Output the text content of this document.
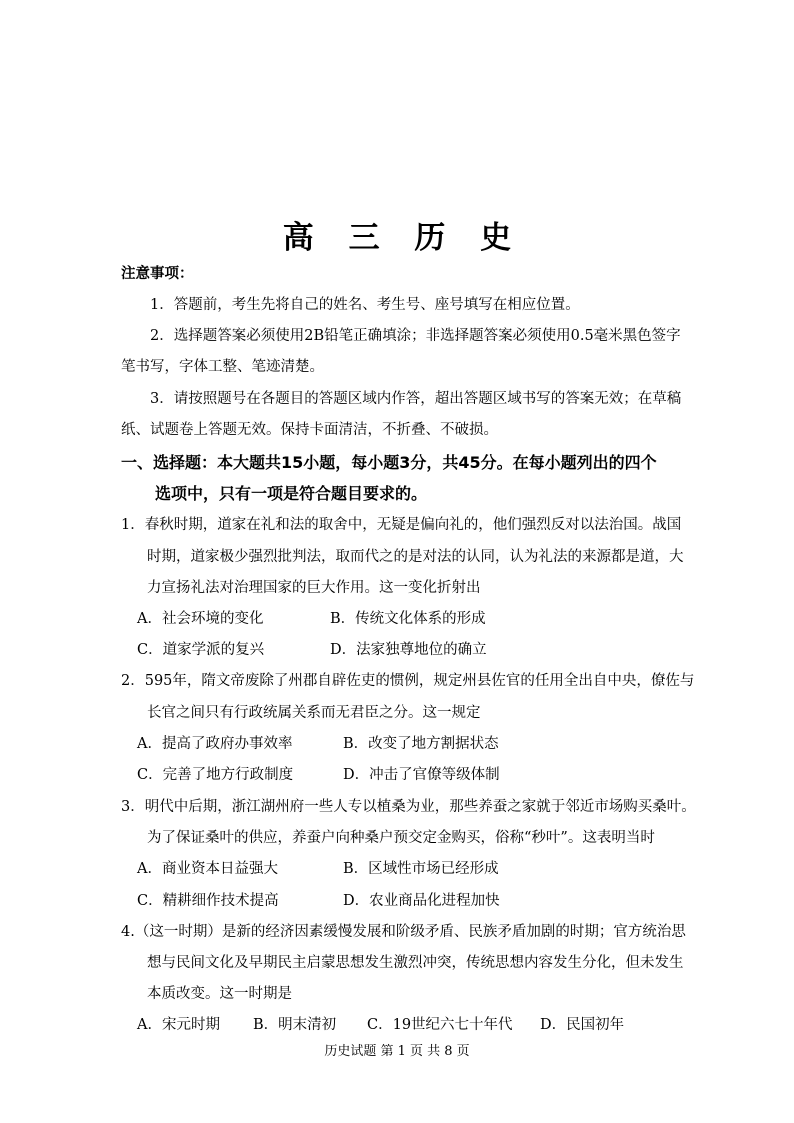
高 三 历 史
注意事项：
1．答题前，考生先将自己的姓名、考生号、座号填写在相应位置。
2．选择题答案必须使用2B铅笔正确填涂；非选择题答案必须使用0.5毫米黑色签字
笔书写，字体工整、笔迹清楚。
3．请按照题号在各题目的答题区域内作答，超出答题区域书写的答案无效；在草稿
纸、试题卷上答题无效。保持卡面清洁，不折叠、不破损。
一、选择题：本大题共15小题，每小题3分，共45分。在每小题列出的四个
选项中，只有一项是符合题目要求的。
1．春秋时期，道家在礼和法的取舍中，无疑是偏向礼的，他们强烈反对以法治国。战国
时期，道家极少强烈批判法，取而代之的是对法的认同，认为礼法的来源都是道，大
力宣扬礼法对治理国家的巨大作用。这一变化折射出
A．社会环境的变化	B．传统文化体系的形成
C．道家学派的复兴	D．法家独尊地位的确立
2．595年，隋文帝废除了州郡自辟佐吏的惯例，规定州县佐官的任用全出自中央，僚佐与
长官之间只有行政统属关系而无君臣之分。这一规定
A．提高了政府办事效率	B．改变了地方割据状态
C．完善了地方行政制度	D．冲击了官僚等级体制
3．明代中后期，浙江湖州府一些人专以植桑为业，那些养蚕之家就于邻近市场购买桑叶。
为了保证桑叶的供应，养蚕户向种桑户预交定金购买，俗称“秒叶”。这表明当时
A．商业资本日益强大	B．区域性市场已经形成
C．精耕细作技术提高	D．农业商品化进程加快
4.（这一时期）是新的经济因素缓慢发展和阶级矛盾、民族矛盾加剧的时期；官方统治思
想与民间文化及早期民主启蒙思想发生激烈冲突，传统思想内容发生分化，但未发生
本质改变。这一时期是
A．宋元时期 B．明末清初 C．19世纪六七十年代 D．民国初年
历史试题 第 1 页 共 8 页
